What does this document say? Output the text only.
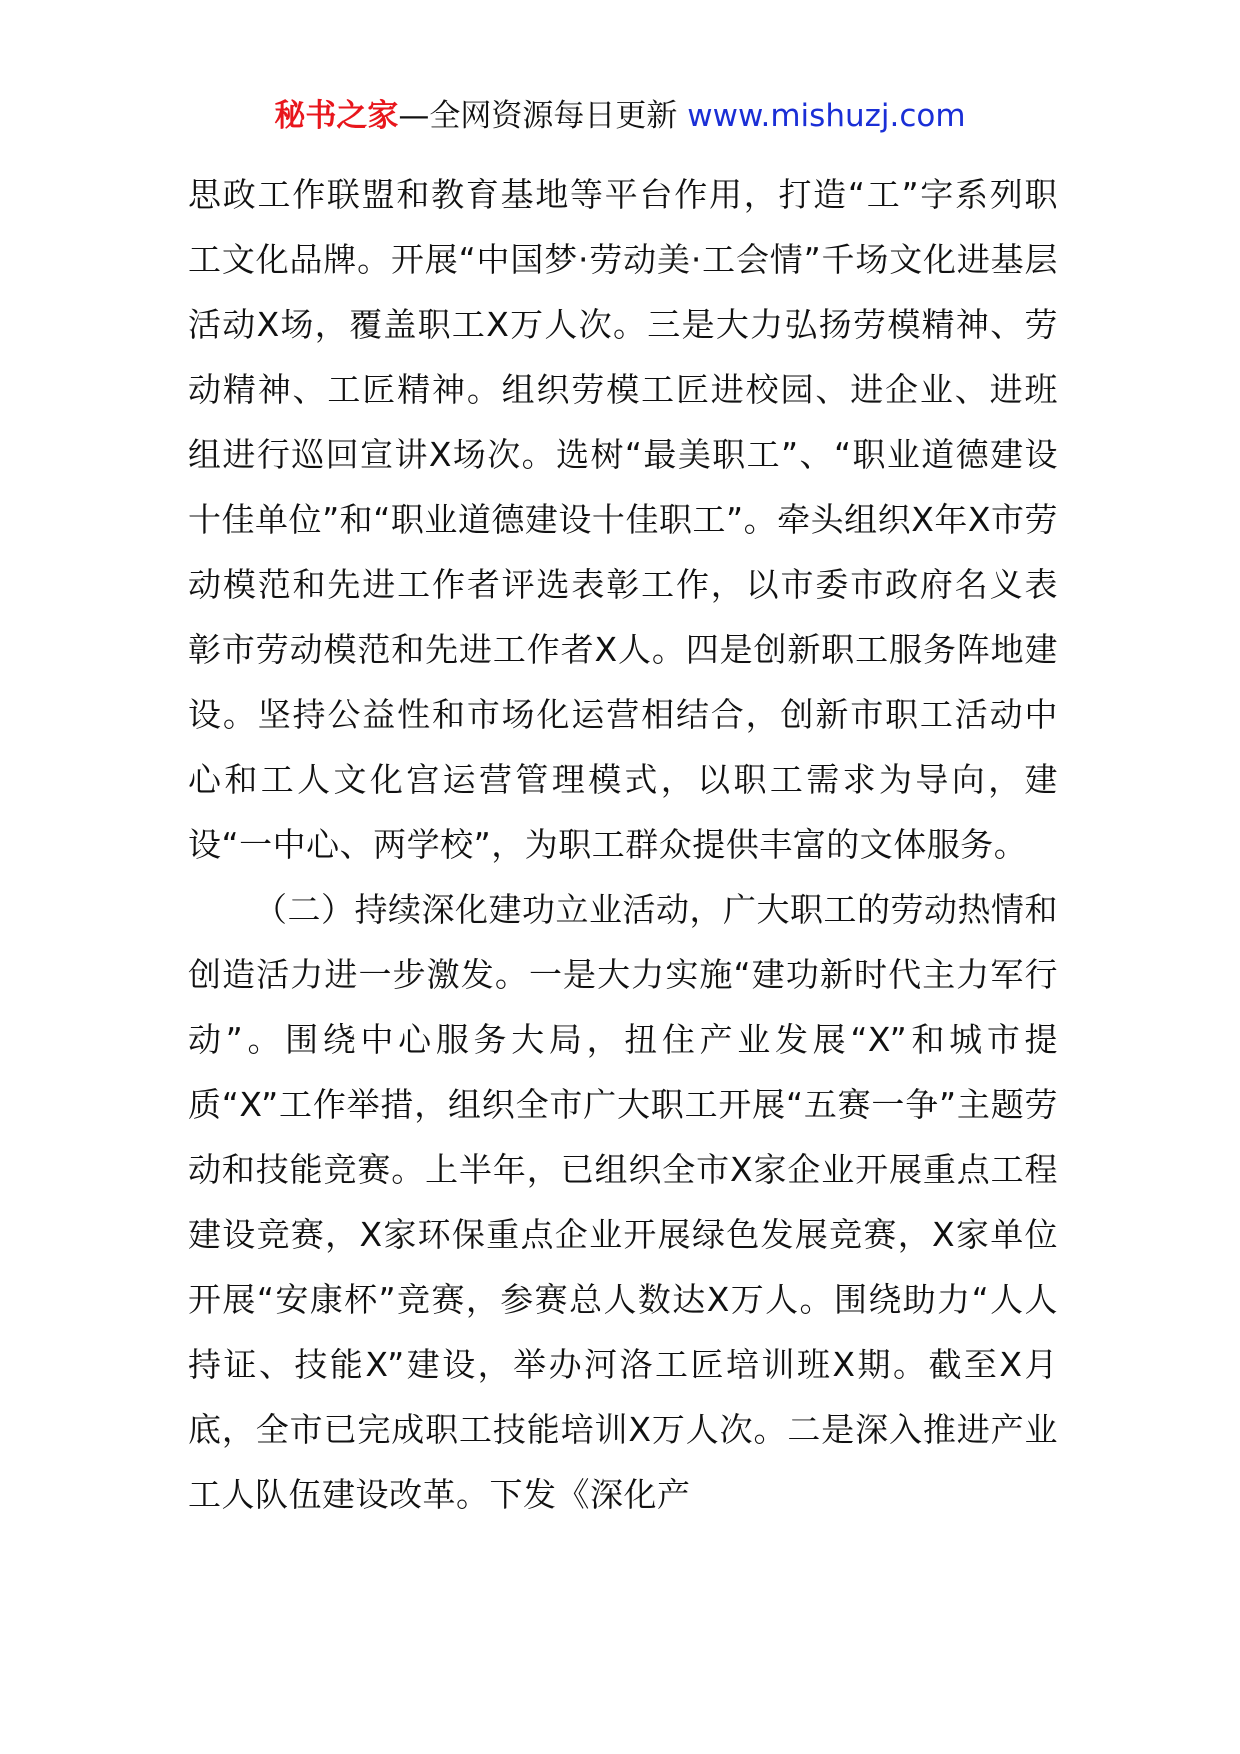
秘书之家—全网资源每日更新 www.mishuzj.com

思政工作联盟和教育基地等平台作用，打造“工”字系列职工文化品牌。开展“中国梦·劳动美·工会情”千场文化进基层活动X场，覆盖职工X万人次。三是大力弘扬劳模精神、劳动精神、工匠精神。组织劳模工匠进校园、进企业、进班组进行巡回宣讲X场次。选树“最美职工”、“职业道德建设十佳单位”和“职业道德建设十佳职工”。牵头组织X年X市劳动模范和先进工作者评选表彰工作，以市委市政府名义表彰市劳动模范和先进工作者X人。四是创新职工服务阵地建设。坚持公益性和市场化运营相结合，创新市职工活动中心和工人文化宫运营管理模式，以职工需求为导向，建设“一中心、两学校”，为职工群众提供丰富的文体服务。

（二）持续深化建功立业活动，广大职工的劳动热情和创造活力进一步激发。一是大力实施“建功新时代主力军行动”。围绕中心服务大局，扭住产业发展“X”和城市提质“X”工作举措，组织全市广大职工开展“五赛一争”主题劳动和技能竞赛。上半年，已组织全市X家企业开展重点工程建设竞赛，X家环保重点企业开展绿色发展竞赛，X家单位开展“安康杯”竞赛，参赛总人数达X万人。围绕助力“人人持证、技能X”建设，举办河洛工匠培训班X期。截至X月底，全市已完成职工技能培训X万人次。二是深入推进产业工人队伍建设改革。下发《深化产
